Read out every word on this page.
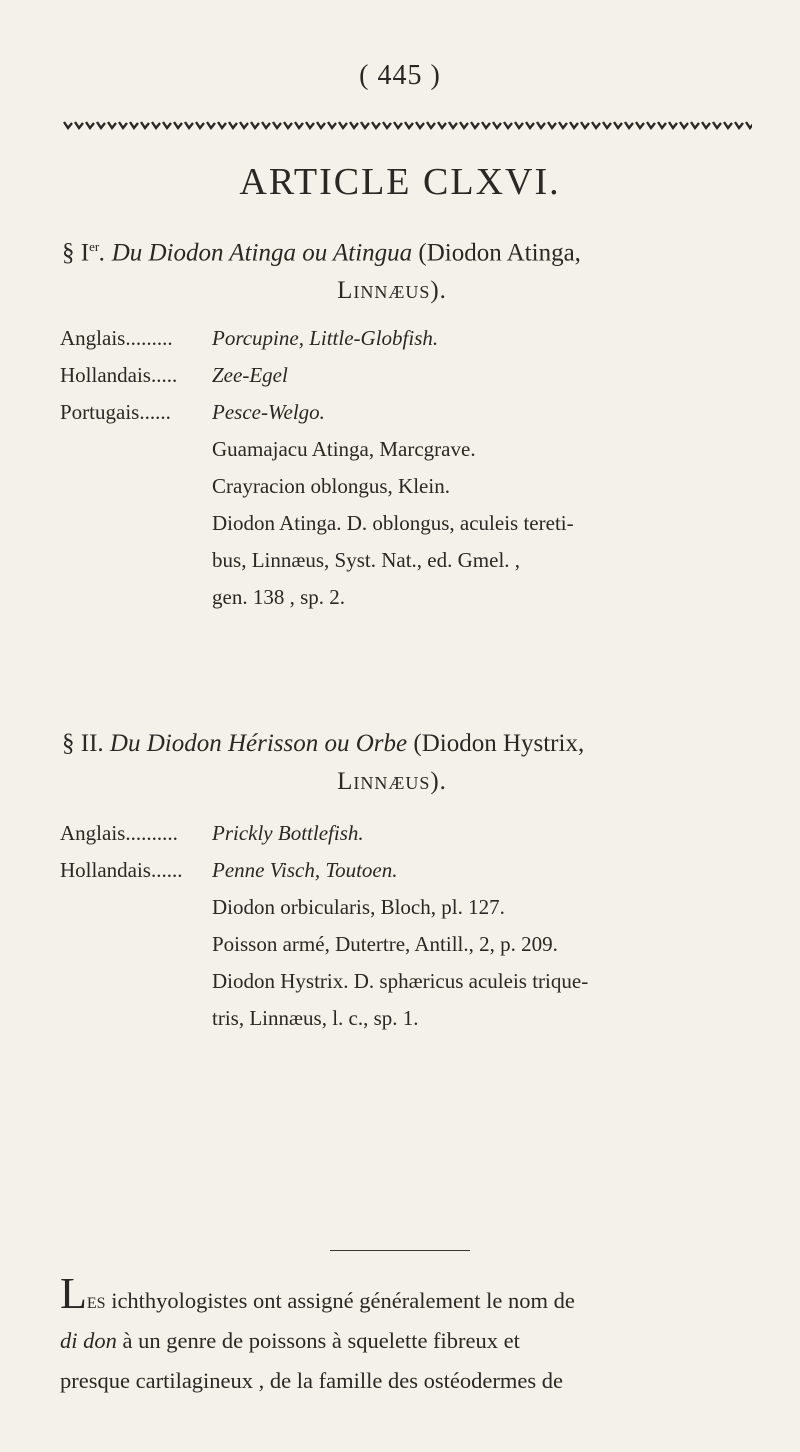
( 445 )
ARTICLE CLXVI.
§ Ier. Du Diodon Atinga ou Atingua (Diodon Atinga,
Linnæus).
Anglais......... Porcupine, Little-Globfish.
Hollandais..... Zee-Egel
Portugais...... Pesce-Welgo.
Guamajacu Atinga, Marcgrave.
Crayracion oblongus, Klein.
Diodon Atinga. D. oblongus, aculeis tereti-
bus, Linnæus, Syst. Nat., ed. Gmel. ,
gen. 138 , sp. 2.
§ II. Du Diodon Hérisson ou Orbe (Diodon Hystrix,
Linnæus).
Anglais.......... Prickly Bottlefish.
Hollandais...... Penne Visch, Toutoen.
Diodon orbicularis, Bloch, pl. 127.
Poisson armé, Dutertre, Antill., 2, p. 209.
Diodon Hystrix. D. sphæricus aculeis trique-
tris, Linnæus, l. c., sp. 1.
Les ichthyologistes ont assigné généralement le nom de
di don à un genre de poissons à squelette fibreux et
presque cartilagineux , de la famille des ostéodermes de
